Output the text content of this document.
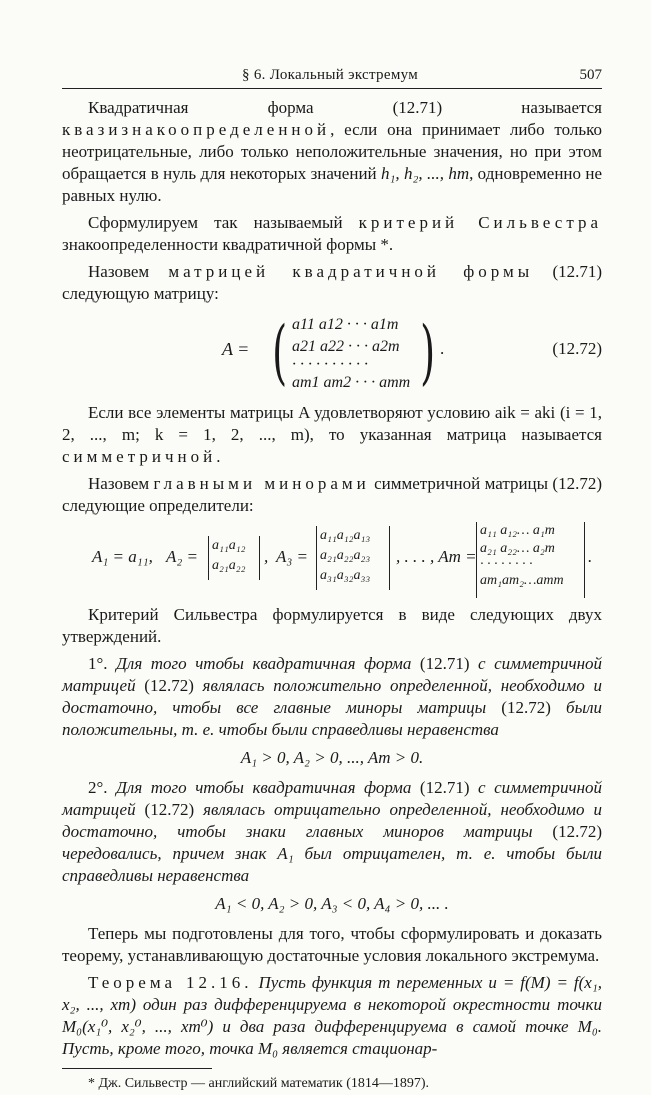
§ 6. Локальный экстремум	507

Квадратичная форма (12.71) называется квазизнакоопределенной, если она принимает либо только неотрицательные, либо только неположительные значения, но при этом обращается в нуль для некоторых значений h₁, h₂, ..., hm, одновременно не равных нулю.

Сформулируем так называемый критерий Сильвестра знакоопределенности квадратичной формы *.

Назовем матрицей квадратичной формы (12.71) следующую матрицу:

A = ( a11 a12 · · · a1m
a21 a22 · · · a2m
· · · · · · · · · ·
am1 am2 · · · amm ) .	(12.72)

Если все элементы матрицы A удовлетворяют условию aik = aki (i = 1, 2, ..., m; k = 1, 2, ..., m), то указанная матрица называется симметричной.

Назовем главными минорами симметричной матрицы (12.72) следующие определители:

A₁ = a₁₁, A₂ =
a₁₁a₁₂
a₂₁a₂₂ , A₃ =
a₁₁a₁₂a₁₃
a₂₁a₂₂a₂₃
a₃₁a₃₂a₃₃
, . . . , Am =
a₁₁ a₁₂… a₁m
a₂₁ a₂₂… a₂m
· · · · · · · ·
am₁am₂…amm
.

Критерий Сильвестра формулируется в виде следующих двух утверждений.

1°. Для того чтобы квадратичная форма (12.71) с симметричной матрицей (12.72) являлась положительно определенной, необходимо и достаточно, чтобы все главные миноры матрицы (12.72) были положительны, т. е. чтобы были справедливы неравенства

A₁ > 0, A₂ > 0, ..., Am > 0.

2°. Для того чтобы квадратичная форма (12.71) с симметричной матрицей (12.72) являлась отрицательно определенной, необходимо и достаточно, чтобы знаки главных миноров матрицы (12.72) чередовались, причем знак A₁ был отрицателен, т. е. чтобы были справедливы неравенства

A₁ < 0, A₂ > 0, A₃ < 0, A₄ > 0, ... .

Теперь мы подготовлены для того, чтобы сформулировать и доказать теорему, устанавливающую достаточные условия локального экстремума.

Теорема 12.16. Пусть функция m переменных u = f(M) = f(x₁, x₂, ..., xm) один раз дифференцируема в некоторой окрестности точки M₀(x₁⁰, x₂⁰, ..., xm⁰) и два раза дифференцируема в самой точке M₀. Пусть, кроме того, точка M₀ является стационар-

* Дж. Сильвестр — английский математик (1814—1897).
